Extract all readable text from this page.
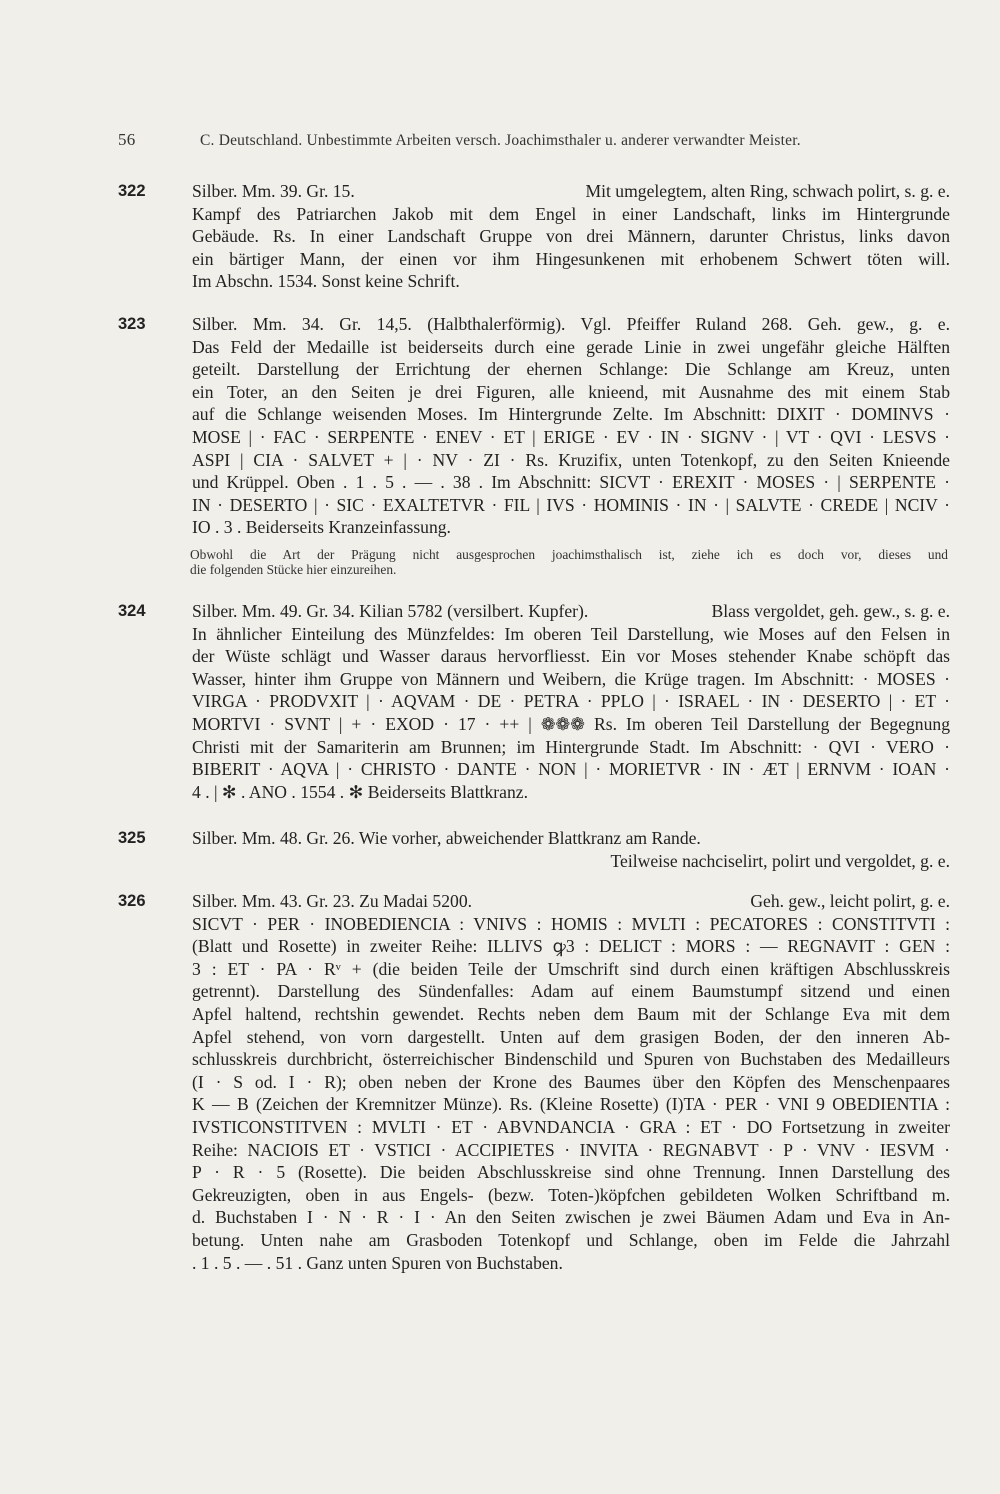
56	C. Deutschland. Unbestimmte Arbeiten versch. Joachimsthaler u. anderer verwandter Meister.
322	Silber. Mm. 39. Gr. 15.	Mit umgelegtem, alten Ring, schwach polirt, s. g. e.
Kampf des Patriarchen Jakob mit dem Engel in einer Landschaft, links im Hintergrunde
Gebäude. Rs. In einer Landschaft Gruppe von drei Männern, darunter Christus, links davon
ein bärtiger Mann, der einen vor ihm Hingesunkenen mit erhobenem Schwert töten will.
Im Abschn. 1534. Sonst keine Schrift.
323	Silber. Mm. 34. Gr. 14,5. (Halbthalerförmig). Vgl. Pfeiffer Ruland 268. Geh. gew., g. e.
Das Feld der Medaille ist beiderseits durch eine gerade Linie in zwei ungefähr gleiche Hälften
geteilt. Darstellung der Errichtung der ehernen Schlange: Die Schlange am Kreuz, unten
ein Toter, an den Seiten je drei Figuren, alle knieend, mit Ausnahme des mit einem Stab
auf die Schlange weisenden Moses. Im Hintergrunde Zelte. Im Abschnitt: DIXIT · DOMINVS ·
MOSE | · FAC · SERPENTE · ENEV · ET | ERIGE · EV · IN · SIGNV · | VT · QVI · LESVS ·
ASPI | CIA · SALVET + | · NV · ZI · Rs. Kruzifix, unten Totenkopf, zu den Seiten Knieende
und Krüppel. Oben . 1 . 5 . — . 38 . Im Abschnitt: SICVT · EREXIT · MOSES · | SERPENTE ·
IN · DESERTO | · SIC · EXALTETVR · FIL | IVS · HOMINIS · IN · | SALVTE · CREDE | NCIV ·
IO . 3 . Beiderseits Kranzeinfassung.
Obwohl die Art der Prägung nicht ausgesprochen joachimsthalisch ist, ziehe ich es doch vor, dieses und
die folgenden Stücke hier einzureihen.
324	Silber. Mm. 49. Gr. 34. Kilian 5782 (versilbert. Kupfer).	Blass vergoldet, geh. gew., s. g. e.
In ähnlicher Einteilung des Münzfeldes: Im oberen Teil Darstellung, wie Moses auf den Felsen in
der Wüste schlägt und Wasser daraus hervorfliesst. Ein vor Moses stehender Knabe schöpft das
Wasser, hinter ihm Gruppe von Männern und Weibern, die Krüge tragen. Im Abschnitt: · MOSES ·
VIRGA · PRODVXIT | · AQVAM · DE · PETRA · PPLO | · ISRAEL · IN · DESERTO | · ET ·
MORTVI · SVNT | + · EXOD · 17 · ++ | ❁❁❁ Rs. Im oberen Teil Darstellung der Begegnung
Christi mit der Samariterin am Brunnen; im Hintergrunde Stadt. Im Abschnitt: · QVI · VERO ·
BIBERIT · AQVA | · CHRISTO · DANTE · NON | · MORIETVR · IN · ÆT | ERNVM · IOAN ·
4 . | ✻ . ANO . 1554 . ✻ Beiderseits Blattkranz.
325	Silber. Mm. 48. Gr. 26. Wie vorher, abweichender Blattkranz am Rande.
Teilweise nachciselirt, polirt und vergoldet, g. e.
326	Silber. Mm. 43. Gr. 23. Zu Madai 5200.	Geh. gew., leicht polirt, g. e.
SICVT · PER · INOBEDIENCIA : VNIVS : HOMIS : MVLTI : PECATORES : CONSTITVTI :
(Blatt und Rosette) in zweiter Reihe: ILLIVS ꝙ3 : DELICT : MORS : — REGNAVIT : GEN :
3 : ET · PA · Rᵛ + (die beiden Teile der Umschrift sind durch einen kräftigen Abschlusskreis
getrennt). Darstellung des Sündenfalles: Adam auf einem Baumstumpf sitzend und einen
Apfel haltend, rechtshin gewendet. Rechts neben dem Baum mit der Schlange Eva mit dem
Apfel stehend, von vorn dargestellt. Unten auf dem grasigen Boden, der den inneren Ab-
schlusskreis durchbricht, österreichischer Bindenschild und Spuren von Buchstaben des Medailleurs
(I · S od. I · R); oben neben der Krone des Baumes über den Köpfen des Menschenpaares
K — B (Zeichen der Kremnitzer Münze). Rs. (Kleine Rosette) (I)TA · PER · VNI 9 OBEDIENTIA :
IVSTICONSTITVEN : MVLTI · ET · ABVNDANCIA · GRA : ET · DO Fortsetzung in zweiter
Reihe: NACIOIS ET · VSTICI · ACCIPIETES · INVITA · REGNABVT · P · VNV · IESVM ·
P · R · 5 (Rosette). Die beiden Abschlusskreise sind ohne Trennung. Innen Darstellung des
Gekreuzigten, oben in aus Engels- (bezw. Toten-)köpfchen gebildeten Wolken Schriftband m.
d. Buchstaben I · N · R · I · An den Seiten zwischen je zwei Bäumen Adam und Eva in An-
betung. Unten nahe am Grasboden Totenkopf und Schlange, oben im Felde die Jahrzahl
. 1 . 5 . — . 51 . Ganz unten Spuren von Buchstaben.
